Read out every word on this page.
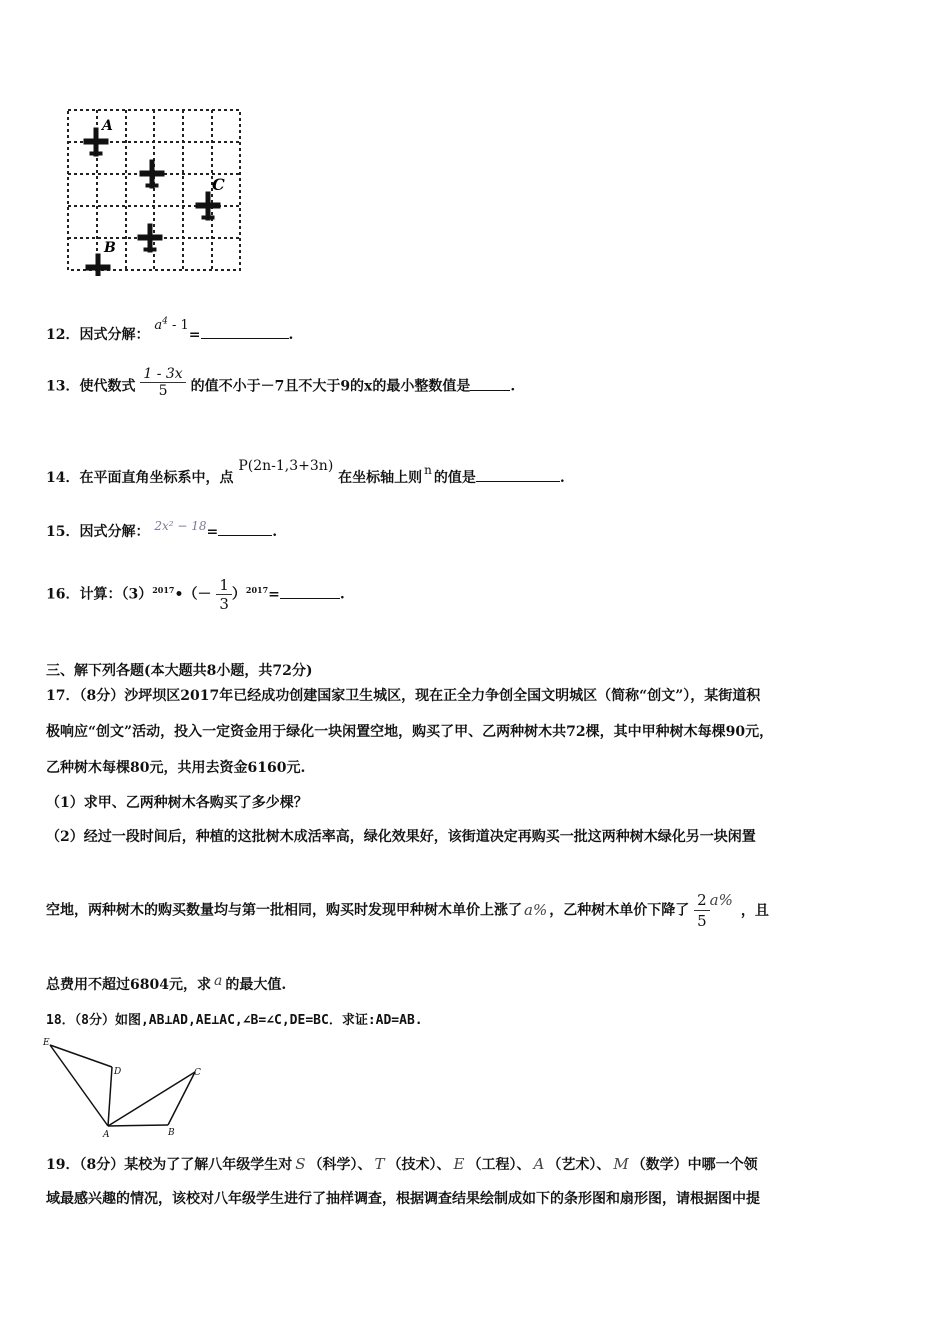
A
C
B
12．因式分解： $a^4 - 1=$	.
13．使代数式 $\frac{1 - 3x}{5}$ 的值不小于－7且不大于9的x的最小整数值是	.
14．在平面直角坐标系中，点 P(2n-1,3+3n) 在坐标轴上则 n 的值是	.
15．因式分解： 2𝑥² − 18=	.
16．计算：$(3)^{2017}•(- \frac{1}{3} )^{2017}=$	.
三、解下列各题(本大题共8小题，共72分)
17．（8分）沙坪坝区2017年已经成功创建国家卫生城区，现在正全力争创全国文明城区（简称“创文”），某街道积
极响应“创文”活动，投入一定资金用于绿化一块闲置空地，购买了甲、乙两种树木共72棵，其中甲种树木每棵90元，
乙种树木每棵80元，共用去资金6160元.
（1）求甲、乙两种树木各购买了多少棵？
（2）经过一段时间后，种植的这批树木成活率高，绿化效果好，该街道决定再购买一批这两种树木绿化另一块闲置
空地，两种树木的购买数量均与第一批相同，购买时发现甲种树木单价上涨了 a% ，乙种树木单价下降了 $\frac{2}{5} a\%$，且
总费用不超过6804元，求 a 的最大值.
18．（8分）如图,AB⊥AD,AE⊥AC,∠B=∠C,DE=BC．求证:AD=AB.
E
D	C
A	B
19．（8分）某校为了了解八年级学生对 S （科学）、 T （技术）、 E （工程）、 A （艺术）、 M （数学）中哪一个领
域最感兴趣的情况，该校对八年级学生进行了抽样调查，根据调查结果绘制成如下的条形图和扇形图，请根据图中提
